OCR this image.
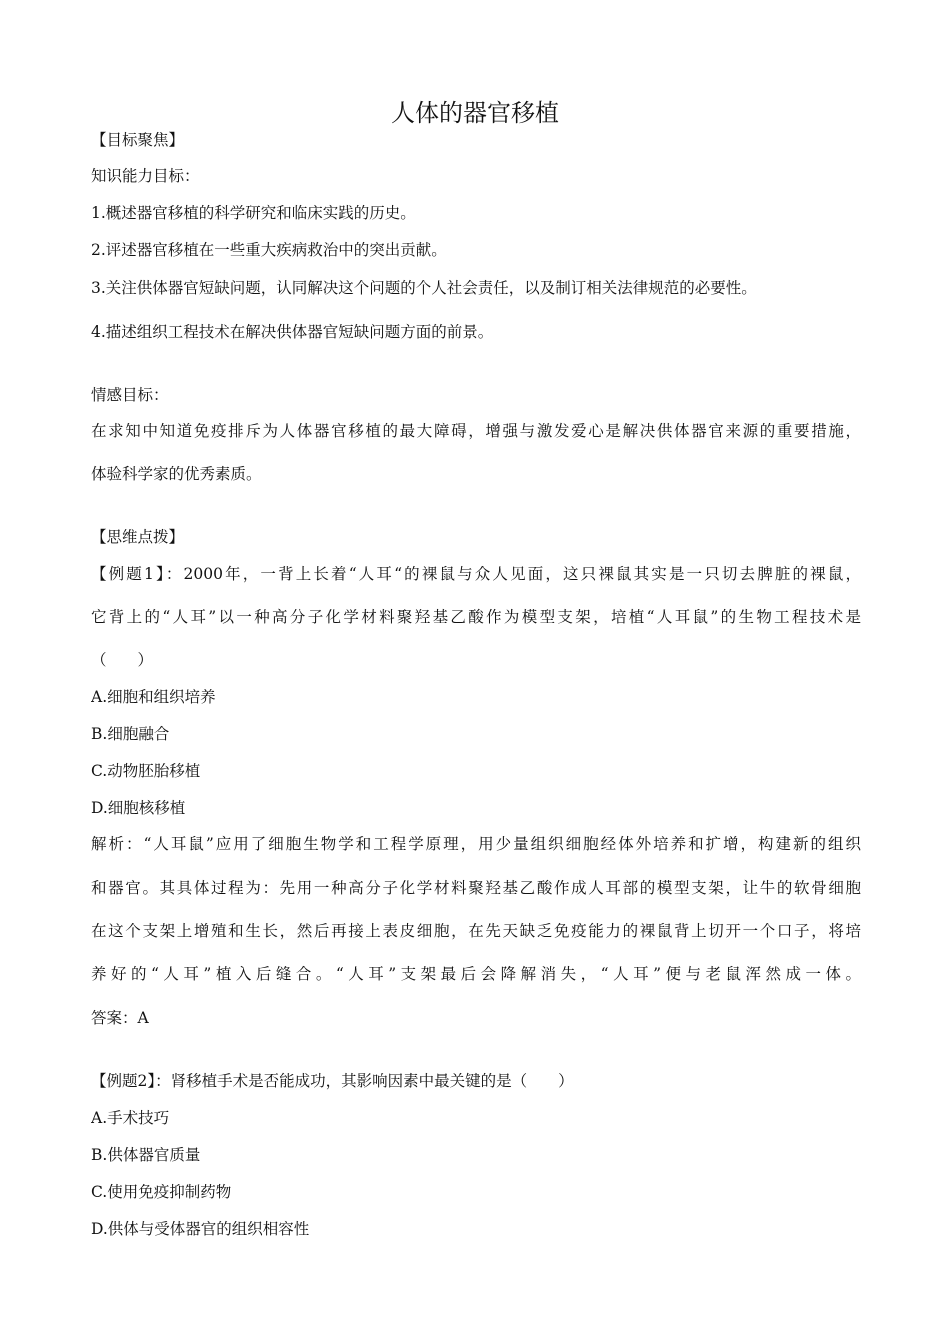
人体的器官移植
【目标聚焦】
知识能力目标：
1.概述器官移植的科学研究和临床实践的历史。
2.评述器官移植在一些重大疾病救治中的突出贡献。
3.关注供体器官短缺问题，认同解决这个问题的个人社会责任，以及制订相关法律规范的必要性。
4.描述组织工程技术在解决供体器官短缺问题方面的前景。
情感目标：
在求知中知道免疫排斥为人体器官移植的最大障碍，增强与激发爱心是解决供体器官来源的重要措施，
体验科学家的优秀素质。
【思维点拨】
【例题1】：2000年，一背上长着“人耳“的裸鼠与众人见面，这只裸鼠其实是一只切去脾脏的裸鼠，
它背上的“人耳”以一种高分子化学材料聚羟基乙酸作为模型支架，培植“人耳鼠”的生物工程技术是
（　　）
A.细胞和组织培养
B.细胞融合
C.动物胚胎移植
D.细胞核移植
解析：“人耳鼠”应用了细胞生物学和工程学原理，用少量组织细胞经体外培养和扩增，构建新的组织
和器官。其具体过程为：先用一种高分子化学材料聚羟基乙酸作成人耳部的模型支架，让牛的软骨细胞
在这个支架上增殖和生长，然后再接上表皮细胞，在先天缺乏免疫能力的裸鼠背上切开一个口子，将培
养好的“人耳”植入后缝合。“人耳”支架最后会降解消失，“人耳”便与老鼠浑然成一体。
答案：A
【例题2】：肾移植手术是否能成功，其影响因素中最关键的是（　　）
A.手术技巧
B.供体器官质量
C.使用免疫抑制药物
D.供体与受体器官的组织相容性
